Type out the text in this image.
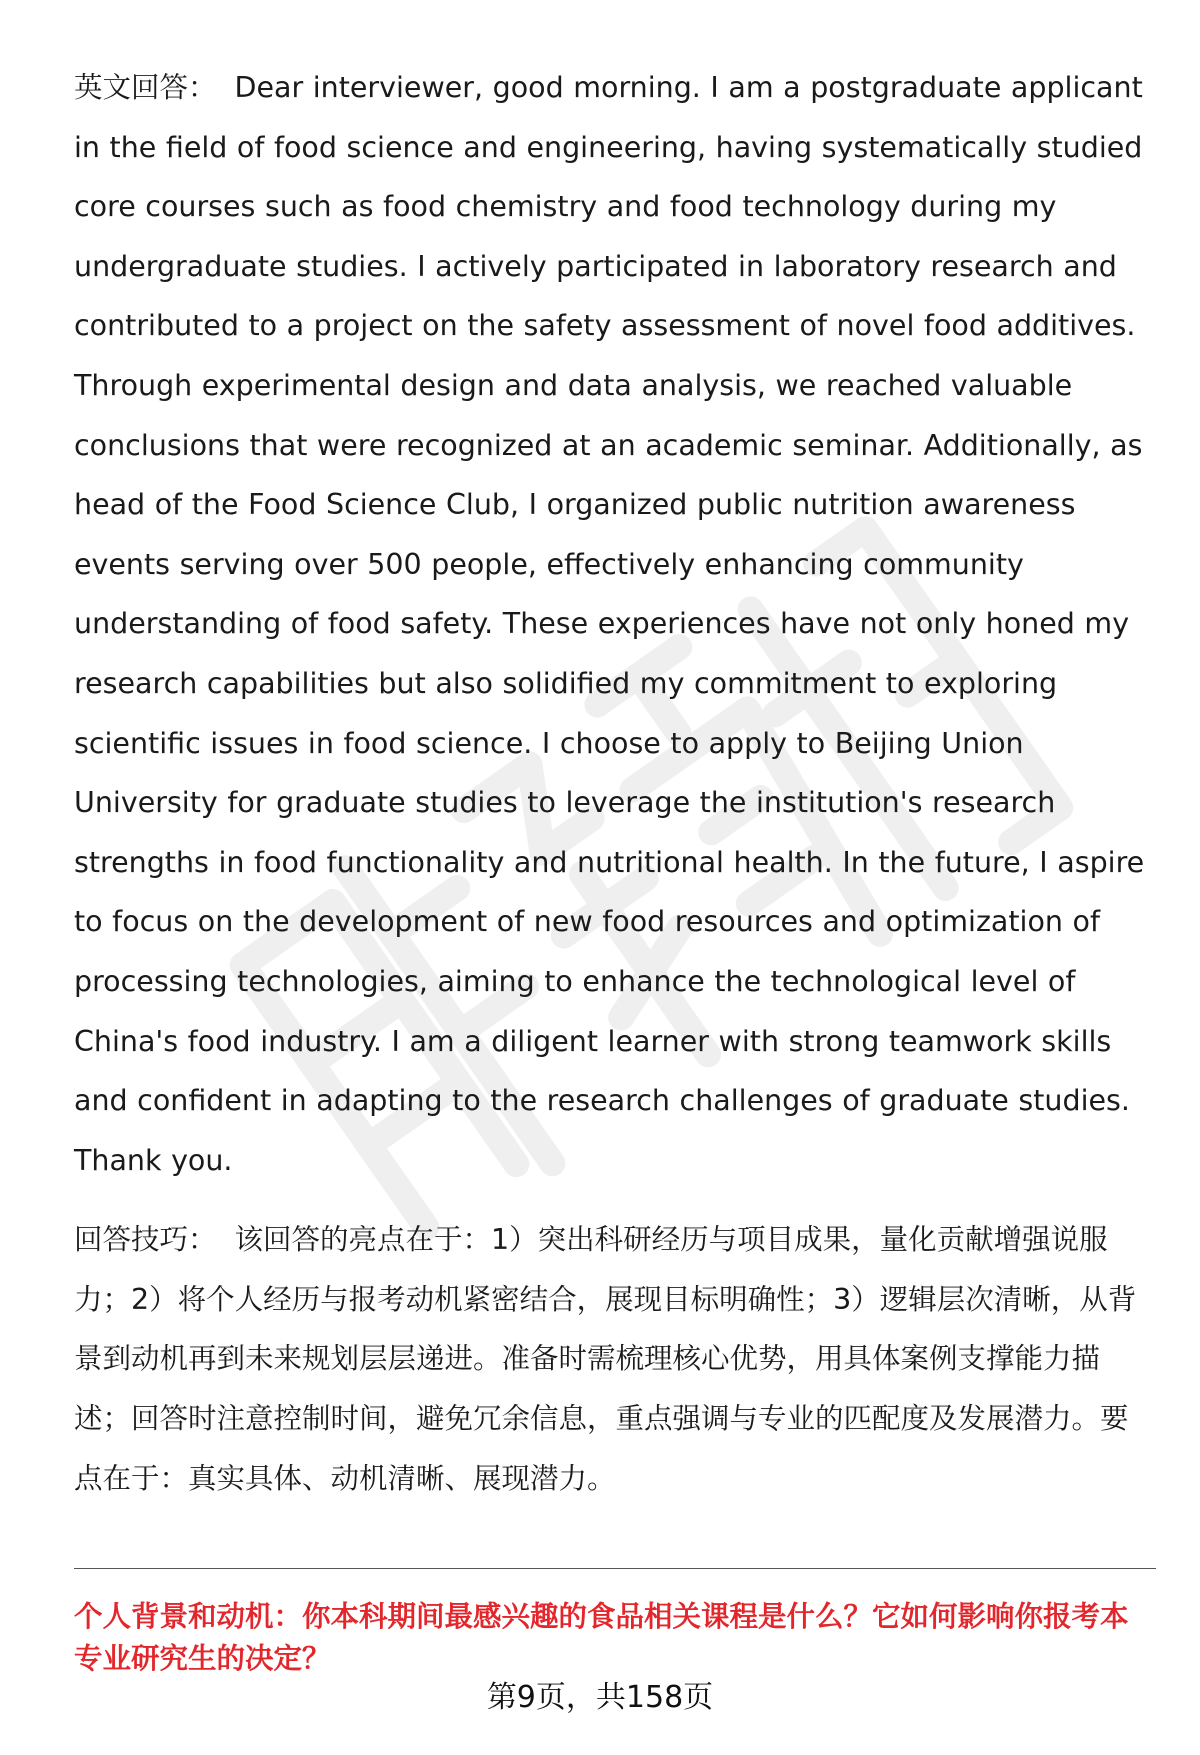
英文回答： Dear interviewer, good morning. I am a postgraduate applicant in the field of food science and engineering, having systematically studied core courses such as food chemistry and food technology during my undergraduate studies. I actively participated in laboratory research and contributed to a project on the safety assessment of novel food additives. Through experimental design and data analysis, we reached valuable conclusions that were recognized at an academic seminar. Additionally, as head of the Food Science Club, I organized public nutrition awareness events serving over 500 people, effectively enhancing community understanding of food safety. These experiences have not only honed my research capabilities but also solidified my commitment to exploring scientific issues in food science. I choose to apply to Beijing Union University for graduate studies to leverage the institution's research strengths in food functionality and nutritional health. In the future, I aspire to focus on the development of new food resources and optimization of processing technologies, aiming to enhance the technological level of China's food industry. I am a diligent learner with strong teamwork skills and confident in adapting to the research challenges of graduate studies. Thank you.

回答技巧： 该回答的亮点在于：1）突出科研经历与项目成果，量化贡献增强说服力；2）将个人经历与报考动机紧密结合，展现目标明确性；3）逻辑层次清晰，从背景到动机再到未来规划层层递进。准备时需梳理核心优势，用具体案例支撑能力描述；回答时注意控制时间，避免冗余信息，重点强调与专业的匹配度及发展潜力。要点在于：真实具体、动机清晰、展现潜力。

个人背景和动机：你本科期间最感兴趣的食品相关课程是什么？它如何影响你报考本专业研究生的决定？
第9页，共158页
